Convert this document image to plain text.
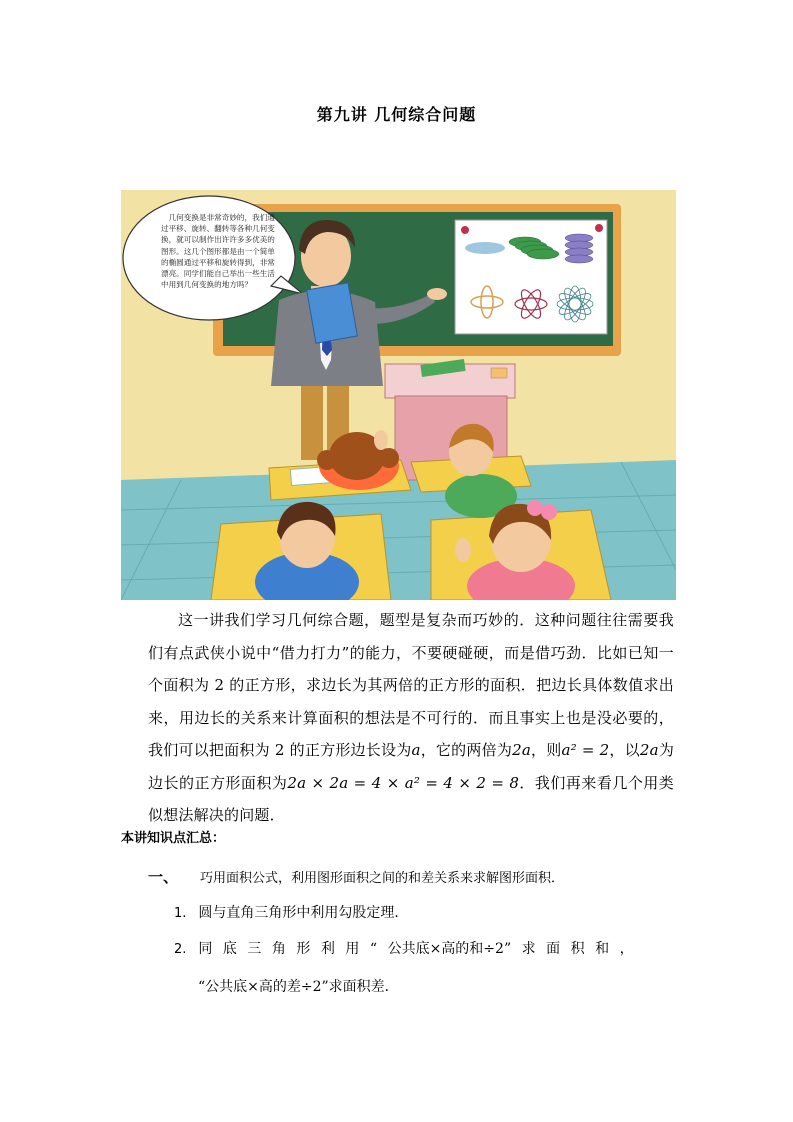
第九讲 几何综合问题
几何变换是非常奇妙的，我们通过平移、旋转、翻转等各种几何变换，就可以制作出许许多多优美的图形。这几个图形都是由一个简单的椭圆通过平移和旋转得到，非常漂亮。同学们能自己举出一些生活中用到几何变换的地方吗？
这一讲我们学习几何综合题，题型是复杂而巧妙的．这种问题往往需要我们有点武侠小说中“借力打力”的能力，不要硬碰硬，而是借巧劲．比如已知一个面积为 2 的正方形，求边长为其两倍的正方形的面积．把边长具体数值求出来，用边长的关系来计算面积的想法是不可行的．而且事实上也是没必要的，我们可以把面积为 2 的正方形边长设为a，它的两倍为2a，则a² = 2，以2a为边长的正方形面积为2a × 2a = 4 × a² = 4 × 2 = 8．我们再来看几个用类似想法解决的问题．
本讲知识点汇总：
一、 巧用面积公式，利用图形面积之间的和差关系来求解图形面积．
1. 圆与直角三角形中利用勾股定理．
2. 同底三角形利用“公共底×高的和÷2”求面积和，
“公共底×高的差÷2”求面积差．
